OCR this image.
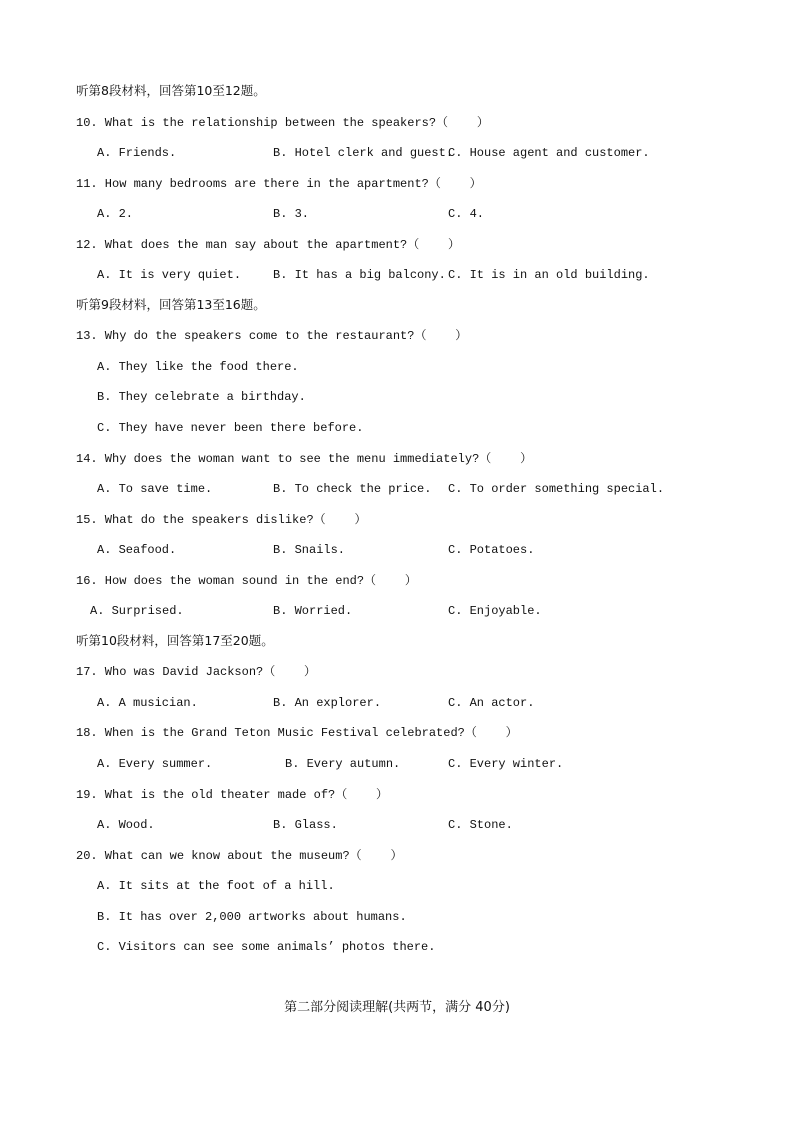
听第8段材料，回答第10至12题。
10. What is the relationship between the speakers?（    ）
A. Friends.	B. Hotel clerk and guest.
C. House agent and customer.
11. How many bedrooms are there in the apartment?（    ）
A. 2.	B. 3.	C. 4.
12. What does the man say about the apartment?（    ）
A. It is very quiet.	B. It has a big balcony. C. It is in an old building.
听第9段材料，回答第13至16题。
13. Why do the speakers come to the restaurant?（    ）
A. They like the food there.
B. They celebrate a birthday.
C. They have never been there before.
14. Why does the woman want to see the menu immediately?（    ）
A. To save time.	B. To check the price. C. To order something special.
15. What do the speakers dislike?（    ）
A. Seafood.	B. Snails.	C. Potatoes.
16. How does the woman sound in the end?（    ）
A. Surprised.	B. Worried.	C. Enjoyable.
听第10段材料，回答第17至20题。
17. Who was David Jackson?（    ）
A. A musician.	B. An explorer.	C. An actor.
18. When is the Grand Teton Music Festival celebrated?（    ）
A. Every summer.	B. Every autumn.	C. Every winter.
19. What is the old theater made of?（    ）
A. Wood.	B. Glass.	C. Stone.
20. What can we know about the museum?（    ）
A. It sits at the foot of a hill.
B. It has over 2,000 artworks about humans.
C. Visitors can see some animals’ photos there.
第二部分阅读理解(共两节，满分 40分)
